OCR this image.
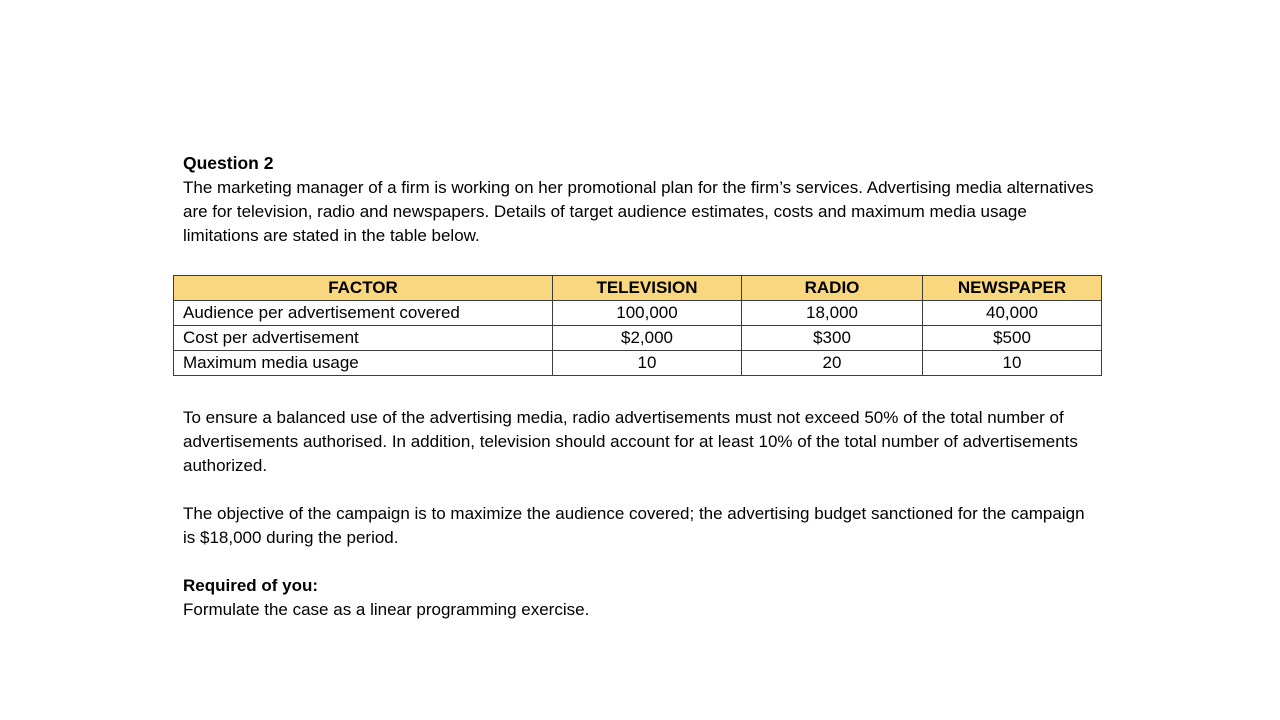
Question 2
The marketing manager of a firm is working on her promotional plan for the firm’s services. Advertising media alternatives are for television, radio and newspapers. Details of target audience estimates, costs and maximum media usage limitations are stated in the table below.
FACTOR	TELEVISION	RADIO	NEWSPAPER
Audience per advertisement covered	100,000	18,000	40,000
Cost per advertisement	$2,000	$300	$500
Maximum media usage	10	20	10
To ensure a balanced use of the advertising media, radio advertisements must not exceed 50% of the total number of advertisements authorised. In addition, television should account for at least 10% of the total number of advertisements authorized.
The objective of the campaign is to maximize the audience covered; the advertising budget sanctioned for the campaign is $18,000 during the period.
Required of you:
Formulate the case as a linear programming exercise.
